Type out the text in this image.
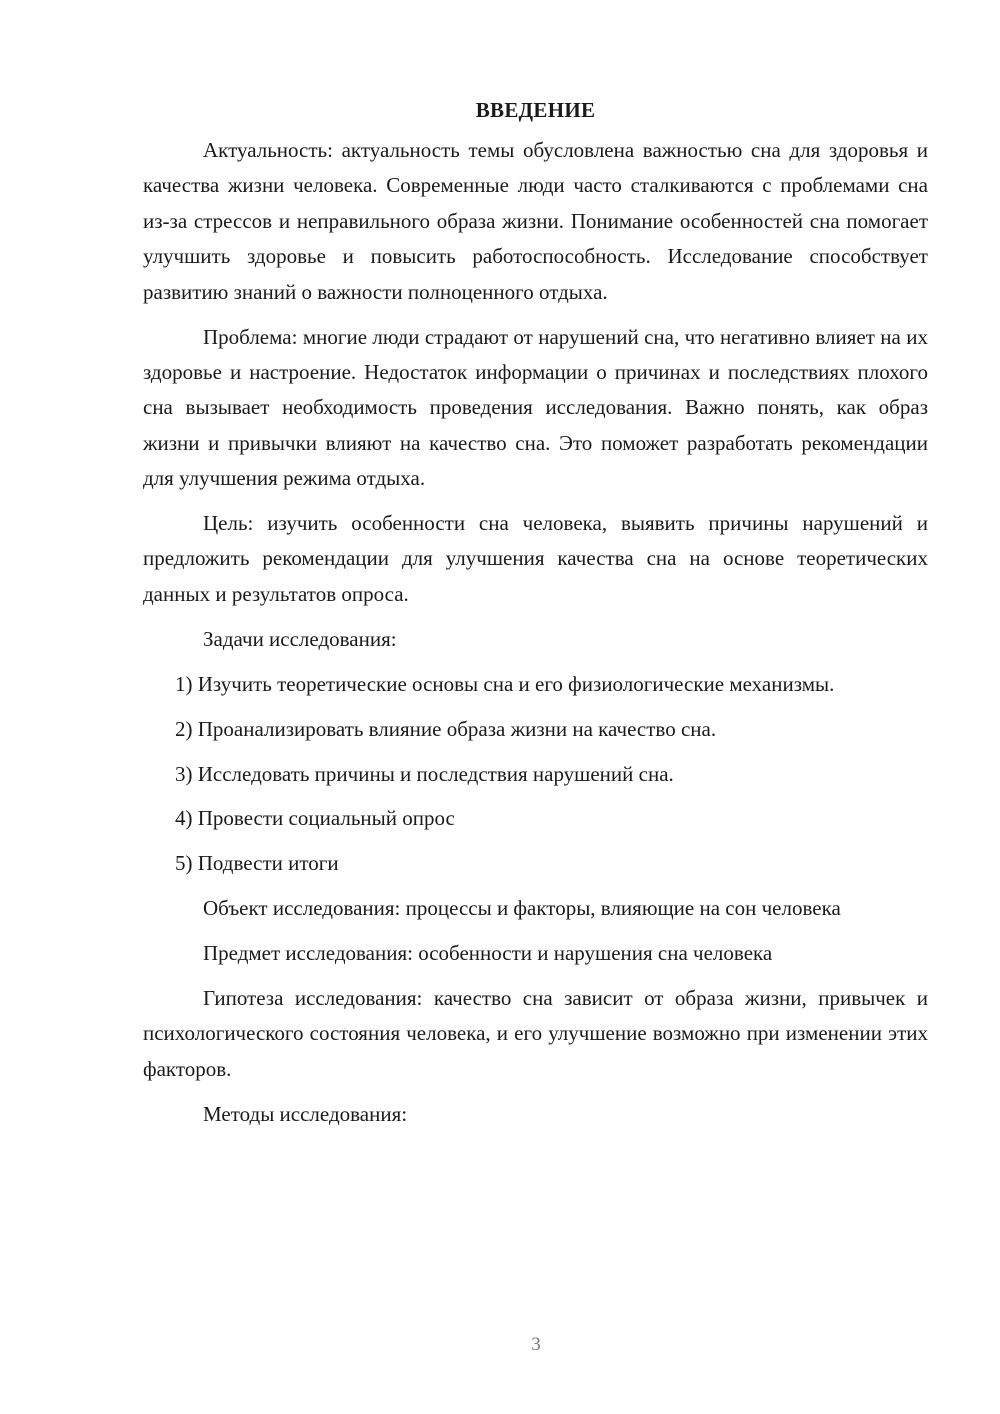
ВВЕДЕНИЕ

Актуальность: актуальность темы обусловлена важностью сна для здоровья и качества жизни человека. Современные люди часто сталкиваются с проблемами сна из-за стрессов и неправильного образа жизни. Понимание особенностей сна помогает улучшить здоровье и повысить работоспособность. Исследование способствует развитию знаний о важности полноценного отдыха.

Проблема: многие люди страдают от нарушений сна, что негативно влияет на их здоровье и настроение. Недостаток информации о причинах и последствиях плохого сна вызывает необходимость проведения исследования. Важно понять, как образ жизни и привычки влияют на качество сна. Это поможет разработать рекомендации для улучшения режима отдыха.

Цель: изучить особенности сна человека, выявить причины нарушений и предложить рекомендации для улучшения качества сна на основе теоретических данных и результатов опроса.

Задачи исследования:

1) Изучить теоретические основы сна и его физиологические механизмы.

2) Проанализировать влияние образа жизни на качество сна.

3) Исследовать причины и последствия нарушений сна.

4) Провести социальный опрос

5) Подвести итоги

Объект исследования: процессы и факторы, влияющие на сон человека

Предмет исследования: особенности и нарушения сна человека

Гипотеза исследования: качество сна зависит от образа жизни, привычек и психологического состояния человека, и его улучшение возможно при изменении этих факторов.

Методы исследования:

3
